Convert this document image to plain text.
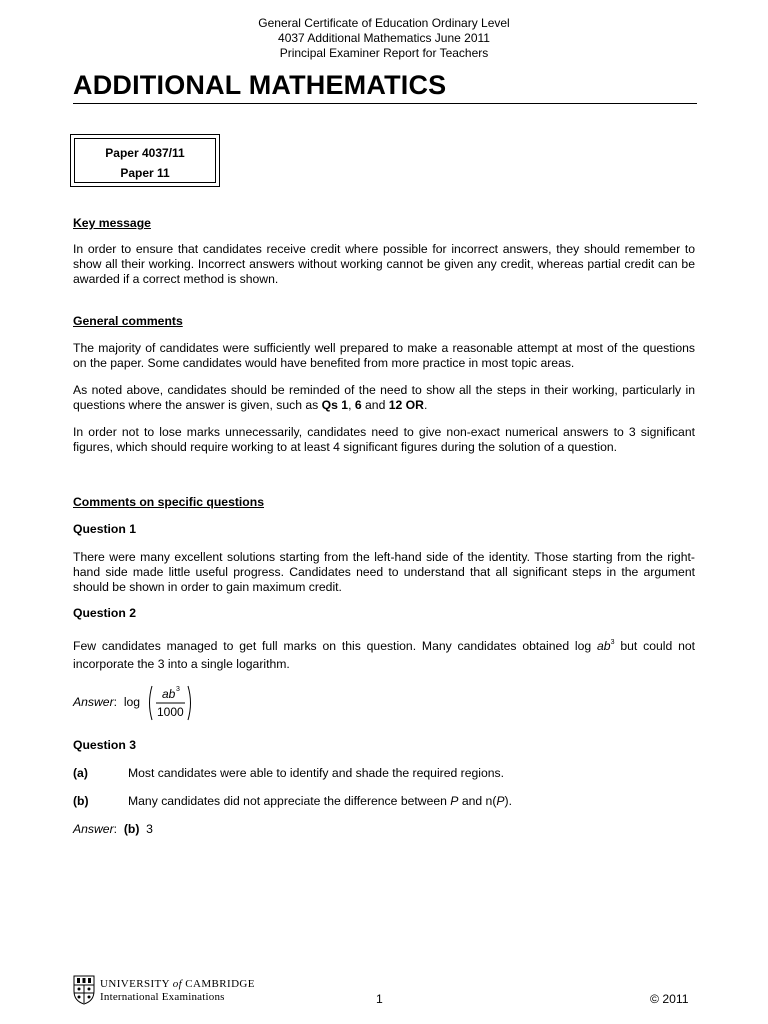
General Certificate of Education Ordinary Level
4037 Additional Mathematics June 2011
Principal Examiner Report for Teachers
ADDITIONAL MATHEMATICS
Paper 4037/11
Paper 11
Key message
In order to ensure that candidates receive credit where possible for incorrect answers, they should remember to show all their working. Incorrect answers without working cannot be given any credit, whereas partial credit can be awarded if a correct method is shown.
General comments
The majority of candidates were sufficiently well prepared to make a reasonable attempt at most of the questions on the paper. Some candidates would have benefited from more practice in most topic areas.
As noted above, candidates should be reminded of the need to show all the steps in their working, particularly in questions where the answer is given, such as Qs 1, 6 and 12 OR.
In order not to lose marks unnecessarily, candidates need to give non-exact numerical answers to 3 significant figures, which should require working to at least 4 significant figures during the solution of a question.
Comments on specific questions
Question 1
There were many excellent solutions starting from the left-hand side of the identity. Those starting from the right-hand side made little useful progress. Candidates need to understand that all significant steps in the argument should be shown in order to gain maximum credit.
Question 2
Few candidates managed to get full marks on this question. Many candidates obtained $\log ab^3$ but could not incorporate the 3 into a single logarithm.
Answer: log
ab 3
1000
Question 3
(a)	Most candidates were able to identify and shade the required regions.
(b)	Many candidates did not appreciate the difference between P and n(P).
Answer: (b) 3
UNIVERSITY of CAMBRIDGE
International Examinations	1	© 2011
